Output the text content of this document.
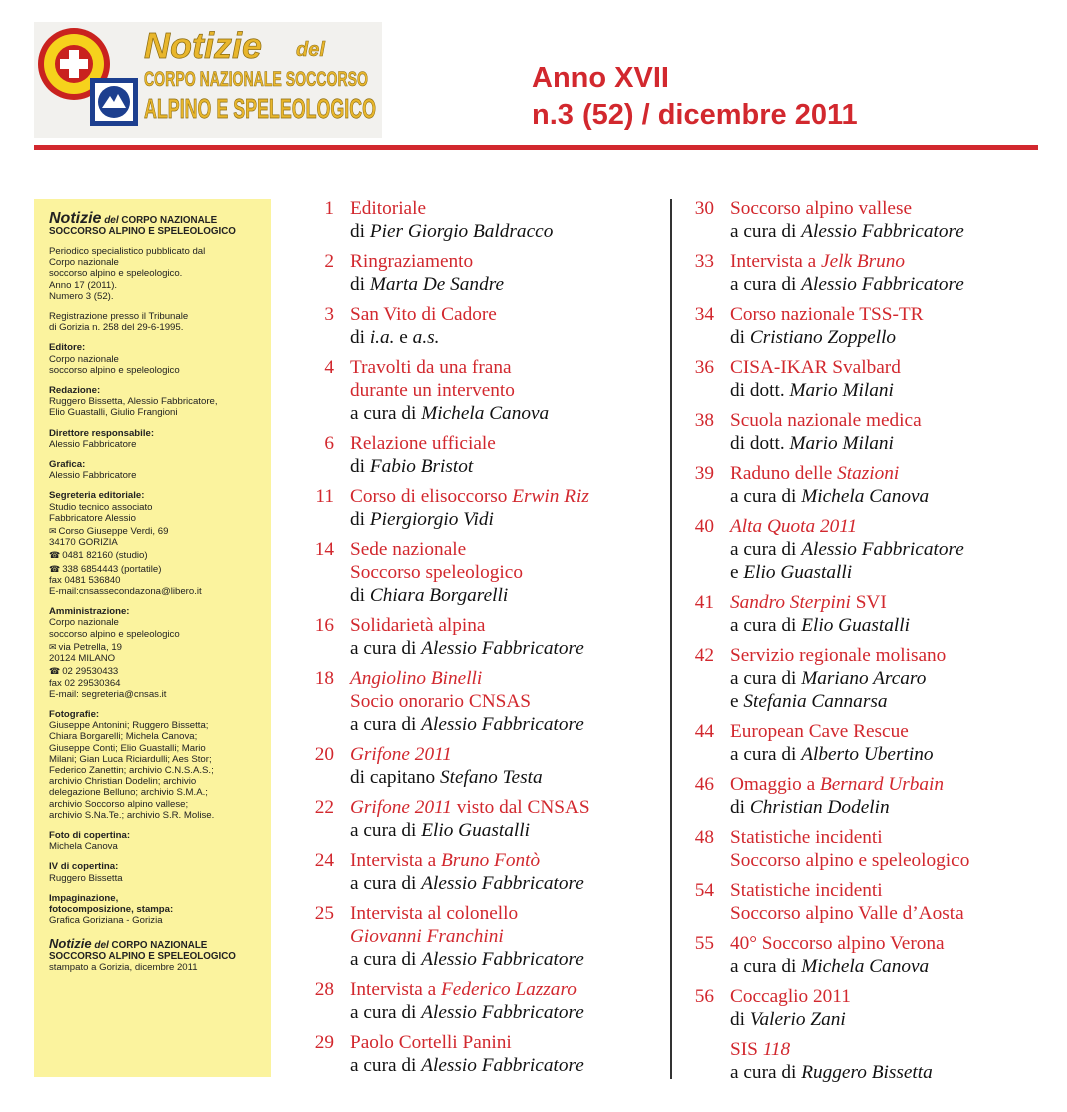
Notizie del
CORPO NAZIONALE SOCCORSO
ALPINO E SPELEOLOGICO
Anno XVII
n.3 (52) / dicembre 2011
Notizie del CORPO NAZIONALE
SOCCORSO ALPINO E SPELEOLOGICO
Periodico specialistico pubblicato dal
Corpo nazionale
soccorso alpino e speleologico.
Anno 17 (2011).
Numero 3 (52).
Registrazione presso il Tribunale
di Gorizia n. 258 del 29-6-1995.
Editore:
Corpo nazionale
soccorso alpino e speleologico
Redazione:
Ruggero Bissetta, Alessio Fabbricatore,
Elio Guastalli, Giulio Frangioni
Direttore responsabile:
Alessio Fabbricatore
Grafica:
Alessio Fabbricatore
Segreteria editoriale:
Studio tecnico associato
Fabbricatore Alessio
✉ Corso Giuseppe Verdi, 69
34170 GORIZIA
☎ 0481 82160 (studio)
☎ 338 6854443 (portatile)
fax 0481 536840
E-mail:cnsassecondazona@libero.it
Amministrazione:
Corpo nazionale
soccorso alpino e speleologico
✉ via Petrella, 19
20124 MILANO
☎ 02 29530433
fax 02 29530364
E-mail: segreteria@cnsas.it
Fotografie:
Giuseppe Antonini; Ruggero Bissetta;
Chiara Borgarelli; Michela Canova;
Giuseppe Conti; Elio Guastalli; Mario
Milani; Gian Luca Riciardulli; Aes Stor;
Federico Zanettin; archivio C.N.S.A.S.;
archivio Christian Dodelin; archivio
delegazione Belluno; archivio S.M.A.;
archivio Soccorso alpino vallese;
archivio S.Na.Te.; archivio S.R. Molise.
Foto di copertina:
Michela Canova
IV di copertina:
Ruggero Bissetta
Impaginazione,
fotocomposizione, stampa:
Grafica Goriziana - Gorizia
Notizie del CORPO NAZIONALE
SOCCORSO ALPINO E SPELEOLOGICO
stampato a Gorizia, dicembre 2011
1 Editoriale
di Pier Giorgio Baldracco
2 Ringraziamento
di Marta De Sandre
3 San Vito di Cadore
di i.a. e a.s.
4 Travolti da una frana
durante un intervento
a cura di Michela Canova
6 Relazione ufficiale
di Fabio Bristot
11 Corso di elisoccorso Erwin Riz
di Piergiorgio Vidi
14 Sede nazionale
Soccorso speleologico
di Chiara Borgarelli
16 Solidarietà alpina
a cura di Alessio Fabbricatore
18 Angiolino Binelli
Socio onorario CNSAS
a cura di Alessio Fabbricatore
20 Grifone 2011
di capitano Stefano Testa
22 Grifone 2011 visto dal CNSAS
a cura di Elio Guastalli
24 Intervista a Bruno Fontò
a cura di Alessio Fabbricatore
25 Intervista al colonello
Giovanni Franchini
a cura di Alessio Fabbricatore
28 Intervista a Federico Lazzaro
a cura di Alessio Fabbricatore
29 Paolo Cortelli Panini
a cura di Alessio Fabbricatore
30 Soccorso alpino vallese
a cura di Alessio Fabbricatore
33 Intervista a Jelk Bruno
a cura di Alessio Fabbricatore
34 Corso nazionale TSS-TR
di Cristiano Zoppello
36 CISA-IKAR Svalbard
di dott. Mario Milani
38 Scuola nazionale medica
di dott. Mario Milani
39 Raduno delle Stazioni
a cura di Michela Canova
40 Alta Quota 2011
a cura di Alessio Fabbricatore
e Elio Guastalli
41 Sandro Sterpini SVI
a cura di Elio Guastalli
42 Servizio regionale molisano
a cura di Mariano Arcaro
e Stefania Cannarsa
44 European Cave Rescue
a cura di Alberto Ubertino
46 Omaggio a Bernard Urbain
di Christian Dodelin
48 Statistiche incidenti
Soccorso alpino e speleologico
54 Statistiche incidenti
Soccorso alpino Valle d’Aosta
55 40° Soccorso alpino Verona
a cura di Michela Canova
56 Coccaglio 2011
di Valerio Zani
SIS 118
a cura di Ruggero Bissetta
